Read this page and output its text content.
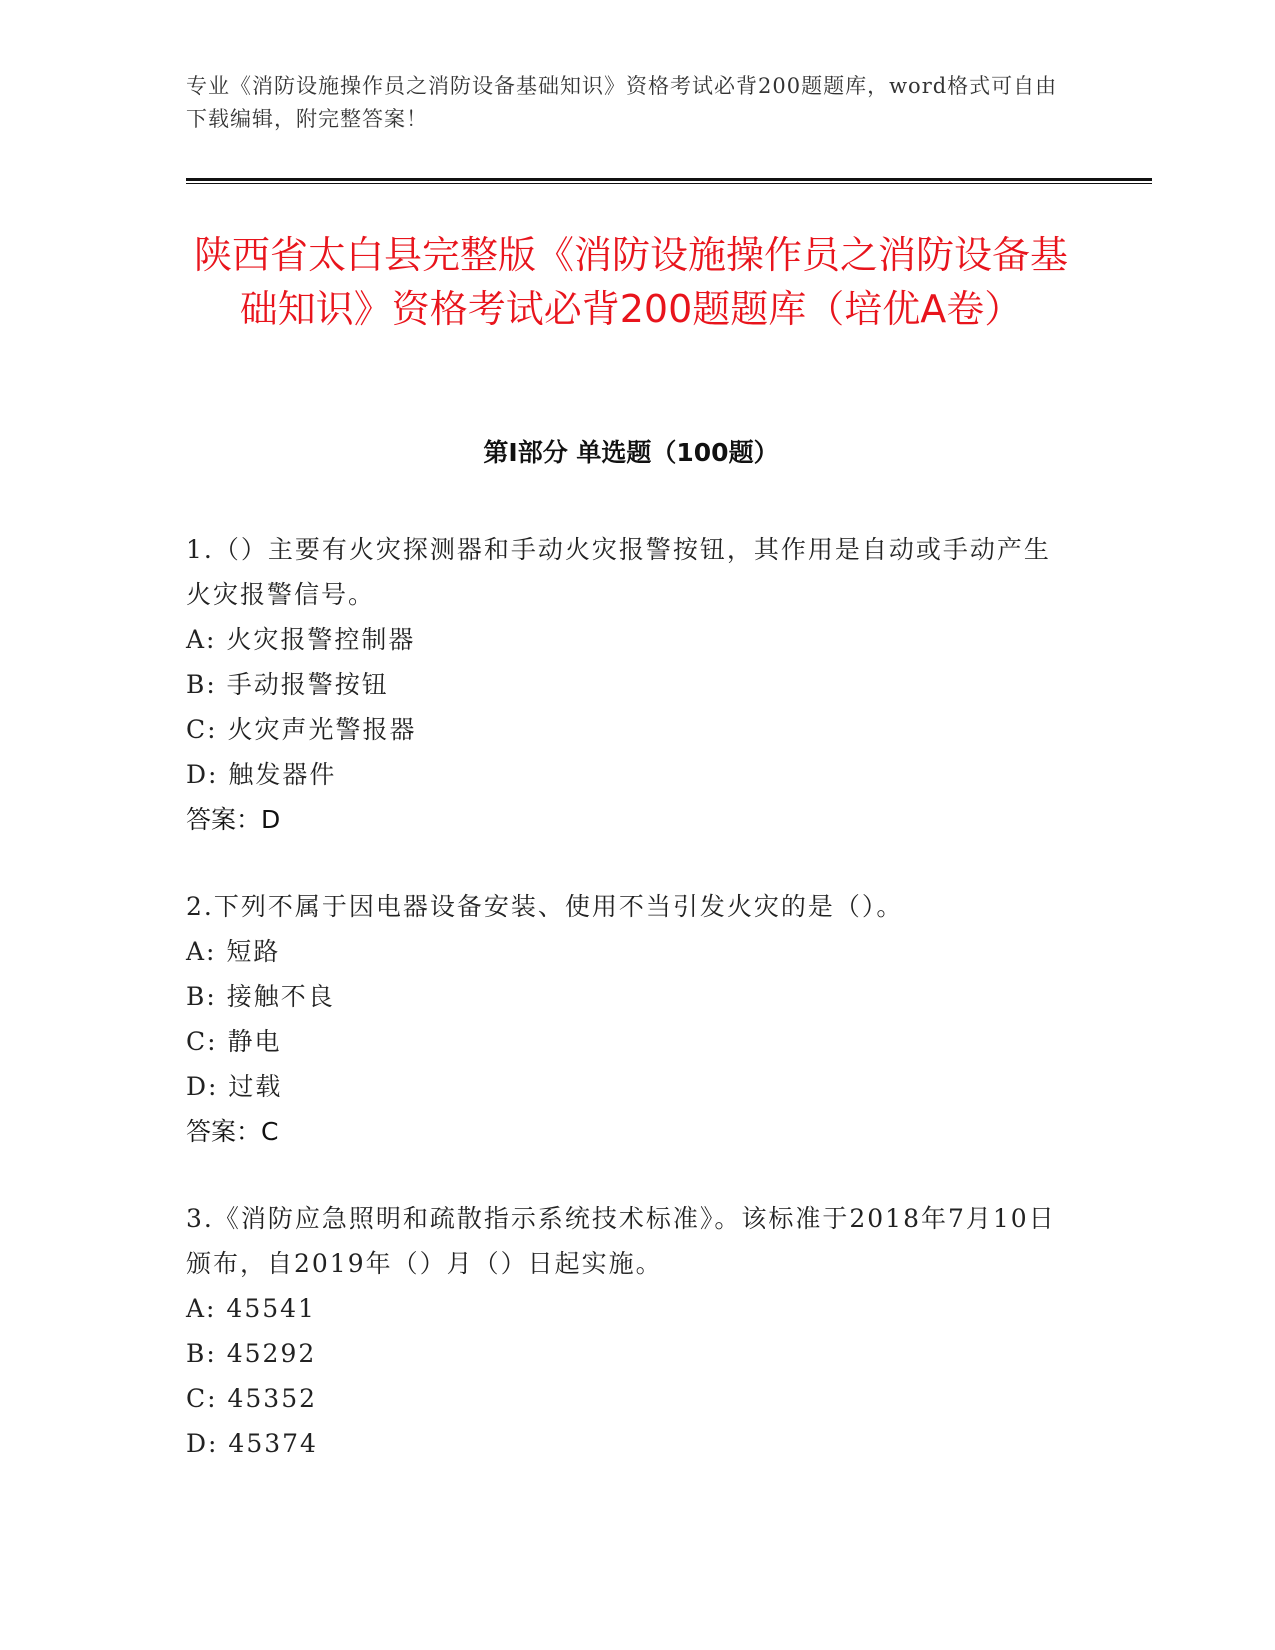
专业《消防设施操作员之消防设备基础知识》资格考试必背200题题库，word格式可自由下载编辑，附完整答案！
陕西省太白县完整版《消防设施操作员之消防设备基础知识》资格考试必背200题题库（培优A卷）
第I部分 单选题（100题）
1.（）主要有火灾探测器和手动火灾报警按钮，其作用是自动或手动产生火灾报警信号。
A: 火灾报警控制器
B: 手动报警按钮
C: 火灾声光警报器
D: 触发器件
答案：D
2.下列不属于因电器设备安装、使用不当引发火灾的是（）。
A: 短路
B: 接触不良
C: 静电
D: 过载
答案：C
3.《消防应急照明和疏散指示系统技术标准》。该标准于2018年7月10日颁布，自2019年（）月（）日起实施。
A: 45541
B: 45292
C: 45352
D: 45374
